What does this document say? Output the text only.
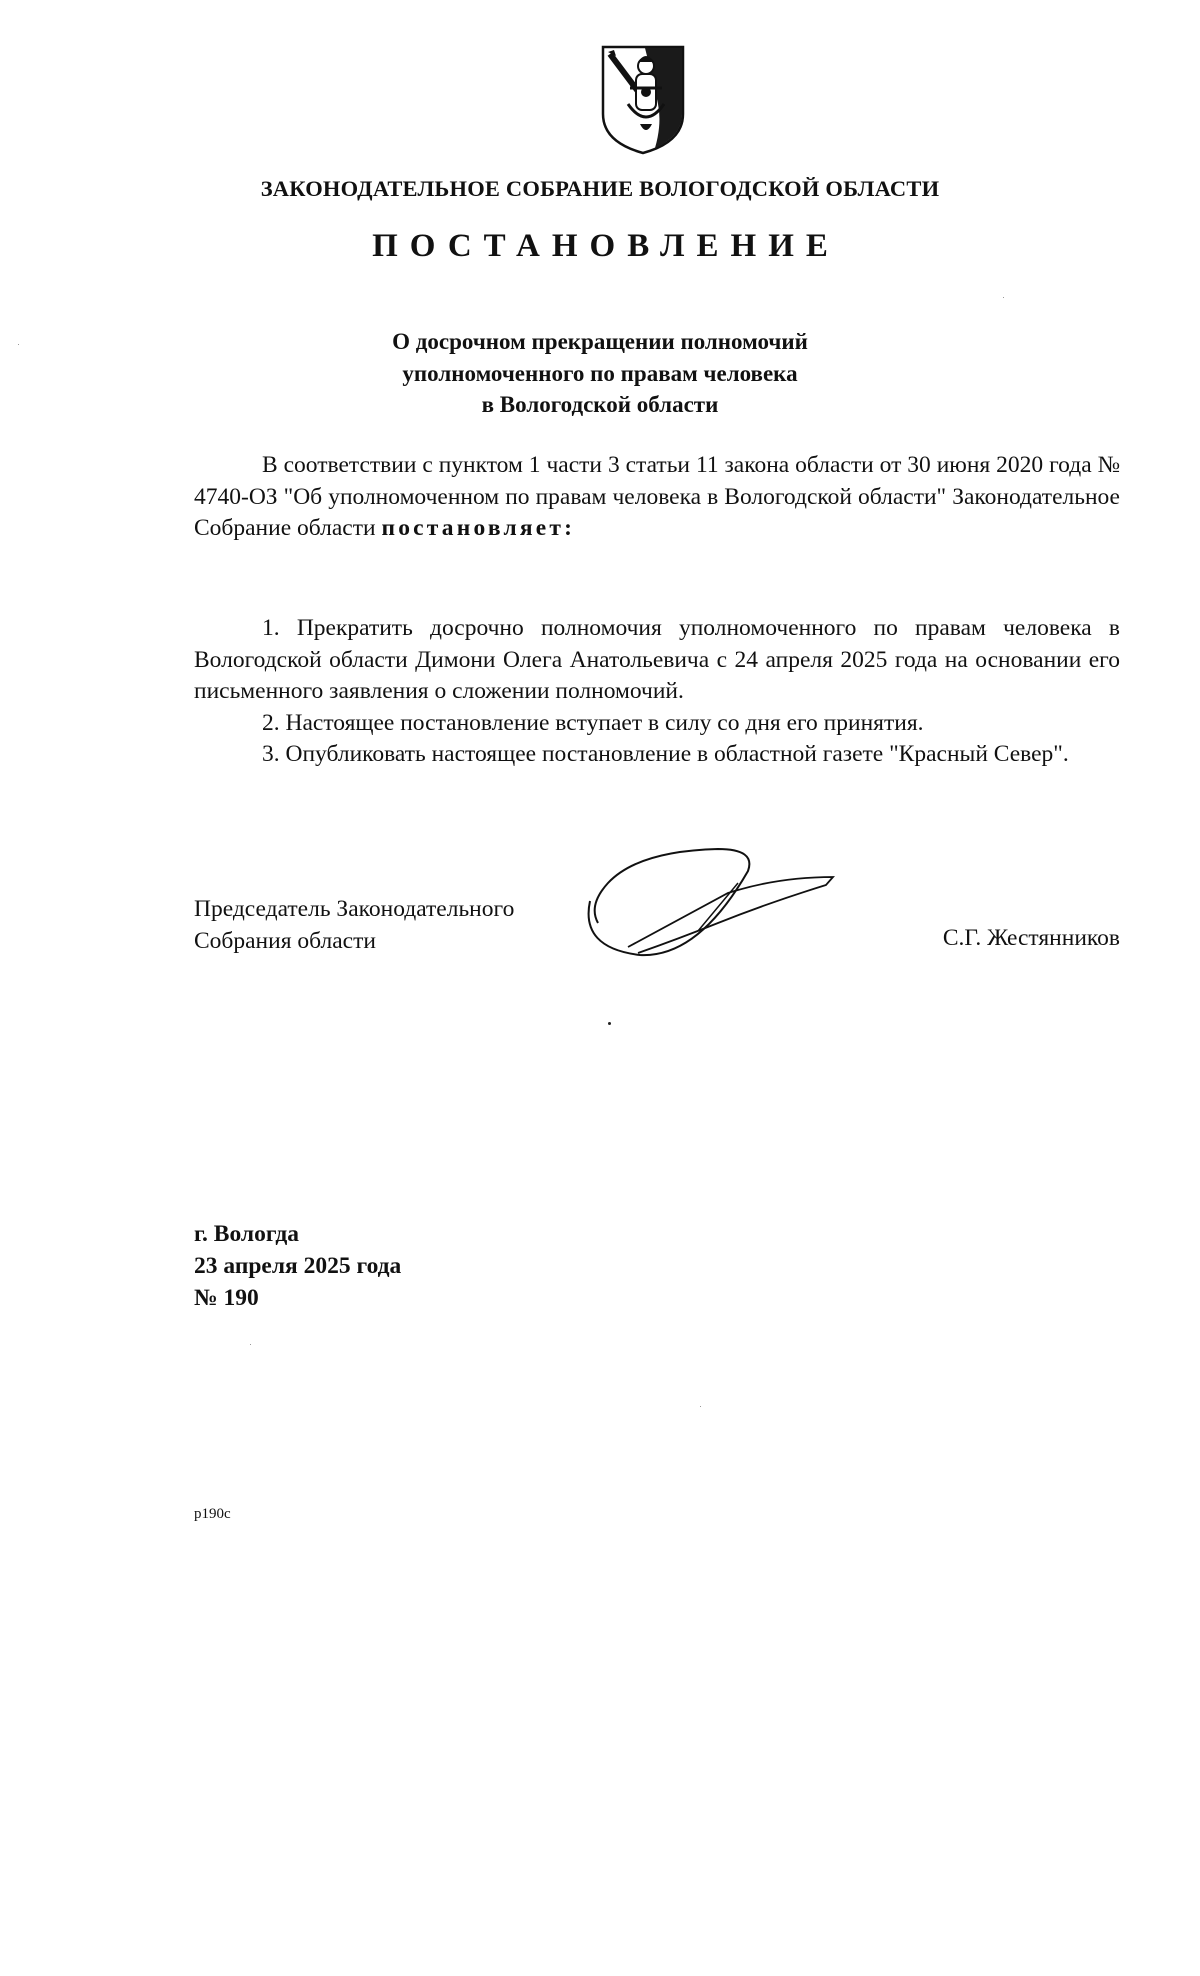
ЗАКОНОДАТЕЛЬНОЕ СОБРАНИЕ ВОЛОГОДСКОЙ ОБЛАСТИ
ПОСТАНОВЛЕНИЕ
О досрочном прекращении полномочий
уполномоченного по правам человека
в Вологодской области

В соответствии с пунктом 1 части 3 статьи 11 закона области от 30 июня 2020 года № 4740-ОЗ "Об уполномоченном по правам человека в Вологодской области" Законодательное Собрание области постановляет:

1. Прекратить досрочно полномочия уполномоченного по правам человека в Вологодской области Димони Олега Анатольевича с 24 апреля 2025 года на основании его письменного заявления о сложении полномочий.

2. Настоящее постановление вступает в силу со дня его принятия.

3. Опубликовать настоящее постановление в областной газете "Красный Север".

Председатель Законодательного
Собрания области	С.Г. Жестянников
г. Вологда
23 апреля 2025 года
№ 190
p190c
